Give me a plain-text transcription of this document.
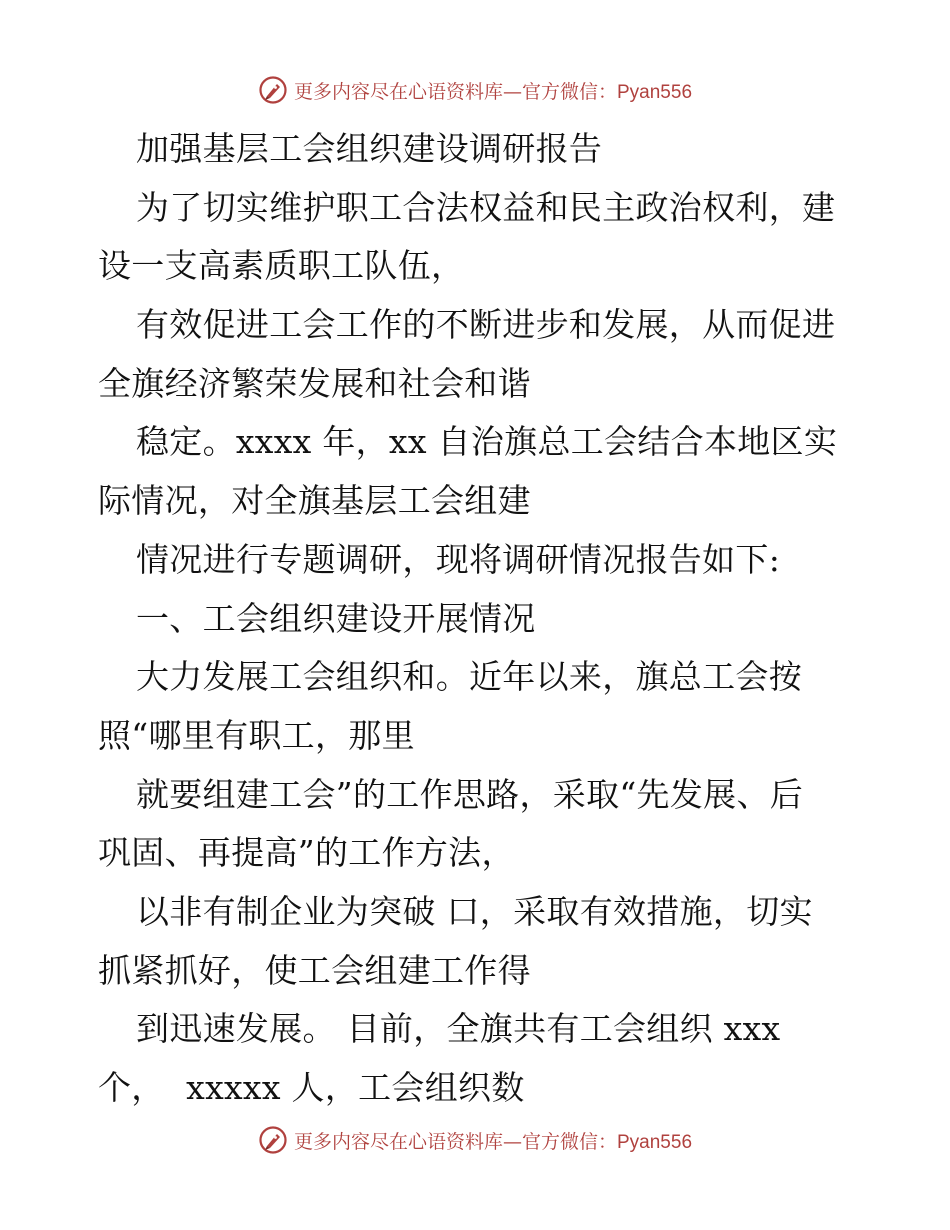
更多内容尽在心语资料库—官方微信：Pyan556
加强基层工会组织建设调研报告
为了切实维护职工合法权益和民主政治权利，建
设一支高素质职工队伍，
有效促进工会工作的不断进步和发展，从而促进
全旗经济繁荣发展和社会和谐
稳定。xxxx 年，xx 自治旗总工会结合本地区实
际情况，对全旗基层工会组建
情况进行专题调研，现将调研情况报告如下:
一、工会组织建设开展情况
大力发展工会组织和。近年以来，旗总工会按
照“哪里有职工，那里
就要组建工会”的工作思路，采取“先发展、后
巩固、再提高”的工作方法，
以非有制企业为突破 口，采取有效措施，切实
抓紧抓好，使工会组建工作得
到迅速发展。 目前，全旗共有工会组织 xxx
个，  xxxxx 人，工会组织数
更多内容尽在心语资料库—官方微信：Pyan556
